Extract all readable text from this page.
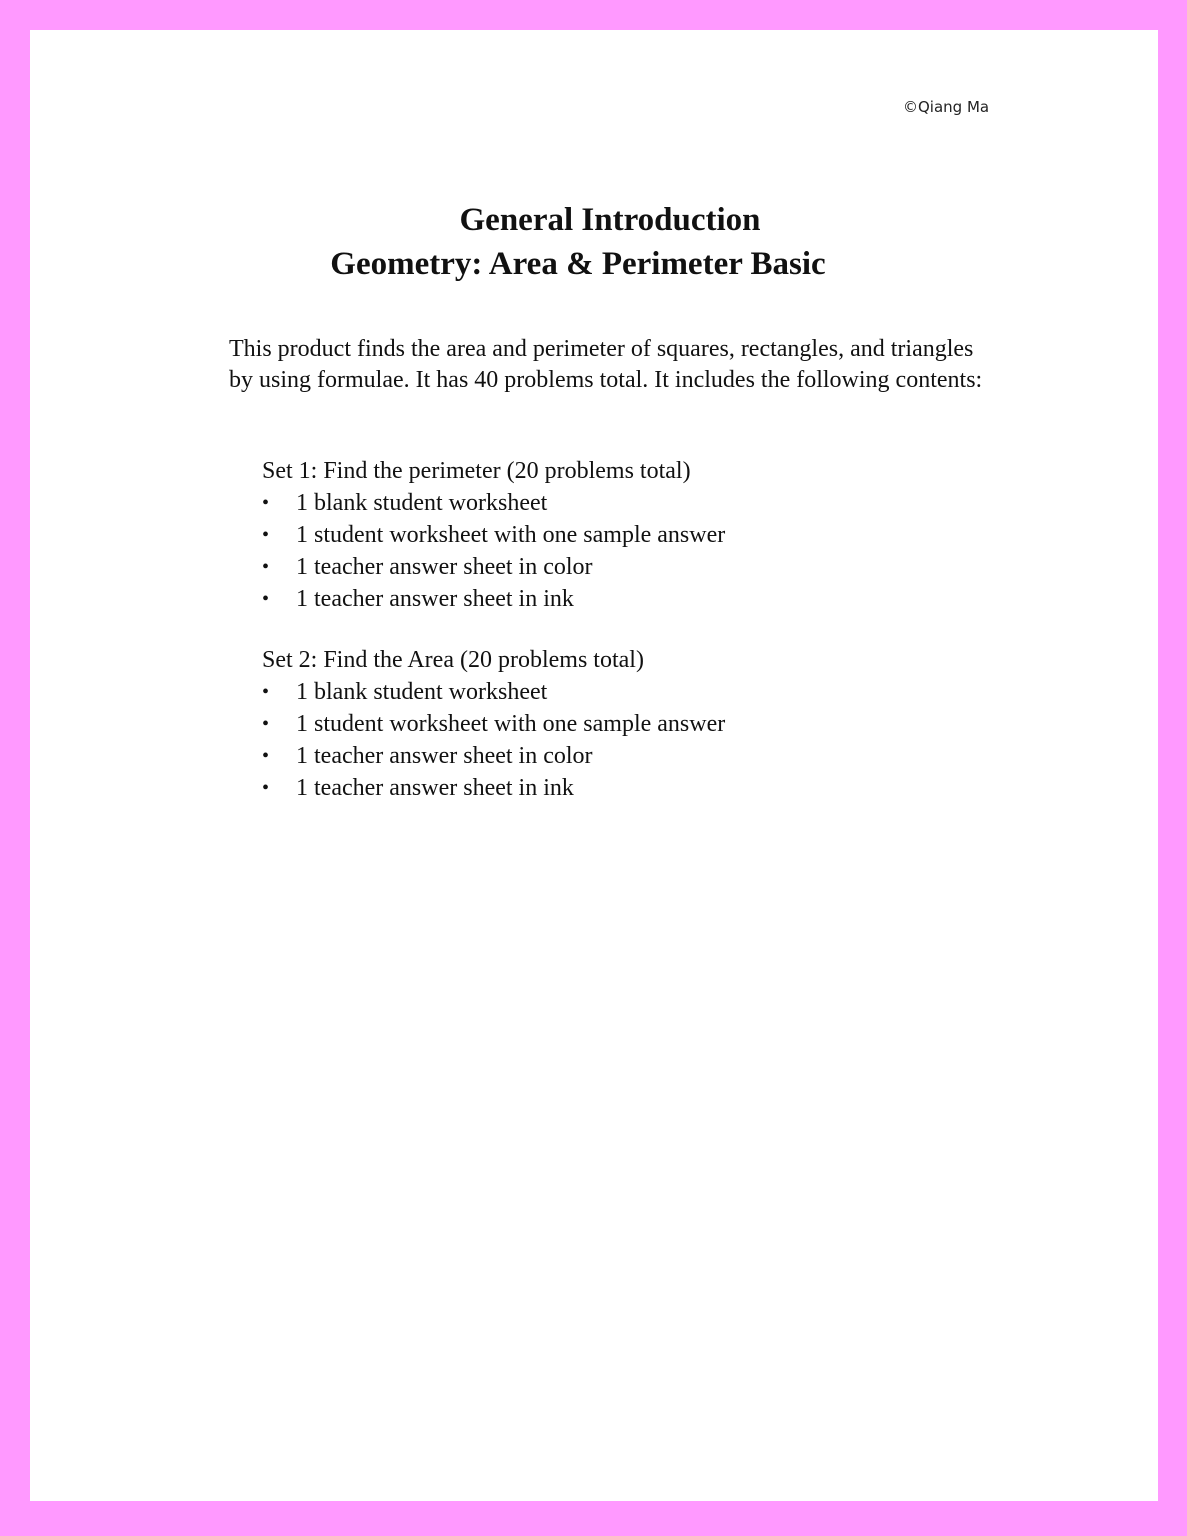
©Qiang Ma
General Introduction
Geometry: Area & Perimeter Basic

This product finds the area and perimeter of squares, rectangles, and triangles by using formulae. It has 40 problems total. It includes the following contents:

Set 1: Find the perimeter (20 problems total)

• 1 blank student worksheet
• 1 student worksheet with one sample answer
• 1 teacher answer sheet in color
• 1 teacher answer sheet in ink

Set 2: Find the Area (20 problems total)

• 1 blank student worksheet
• 1 student worksheet with one sample answer
• 1 teacher answer sheet in color
• 1 teacher answer sheet in ink
